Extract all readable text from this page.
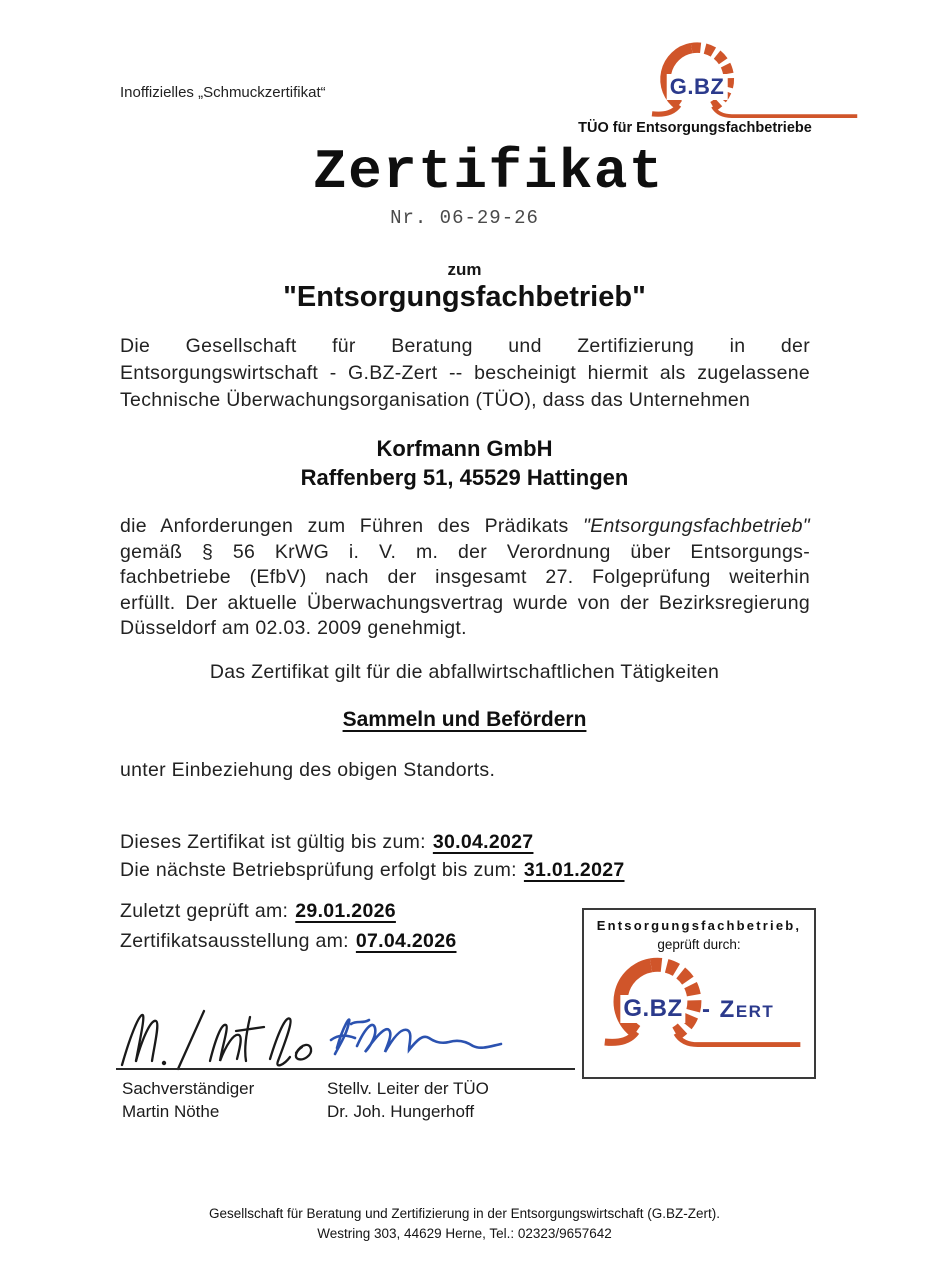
Inoffizielles „Schmuckzertifikat“	G.BZ
TÜO für Entsorgungsfachbetriebe
Zertifikat
Nr. 06-29-26
zum
"Entsorgungsfachbetrieb"
Die Gesellschaft für Beratung und Zertifizierung in der
Entsorgungswirtschaft - G.BZ-Zert -- bescheinigt hiermit als zugelassene
Technische Überwachungsorganisation (TÜO), dass das Unternehmen
Korfmann GmbH
Raffenberg 51, 45529 Hattingen
die Anforderungen zum Führen des Prädikats "Entsorgungsfachbetrieb"
gemäß § 56 KrWG i. V. m. der Verordnung über Entsorgungs-
fachbetriebe (EfbV) nach der insgesamt 27. Folgeprüfung weiterhin
erfüllt. Der aktuelle Überwachungsvertrag wurde von der Bezirksregierung
Düsseldorf am 02.03. 2009 genehmigt.
Das Zertifikat gilt für die abfallwirtschaftlichen Tätigkeiten
Sammeln und Befördern
unter Einbeziehung des obigen Standorts.
Dieses Zertifikat ist gültig bis zum: 30.04.2027
Die nächste Betriebsprüfung erfolgt bis zum: 31.01.2027
Zuletzt geprüft am: 29.01.2026
Zertifikatsausstellung am: 07.04.2026
Entsorgungsfachbetrieb,
geprüft durch:
G.BZ - Zert
Sachverständiger	Stellv. Leiter der TÜO
Martin Nöthe	Dr. Joh. Hungerhoff
Gesellschaft für Beratung und Zertifizierung in der Entsorgungswirtschaft (G.BZ-Zert).
Westring 303, 44629 Herne, Tel.: 02323/9657642
